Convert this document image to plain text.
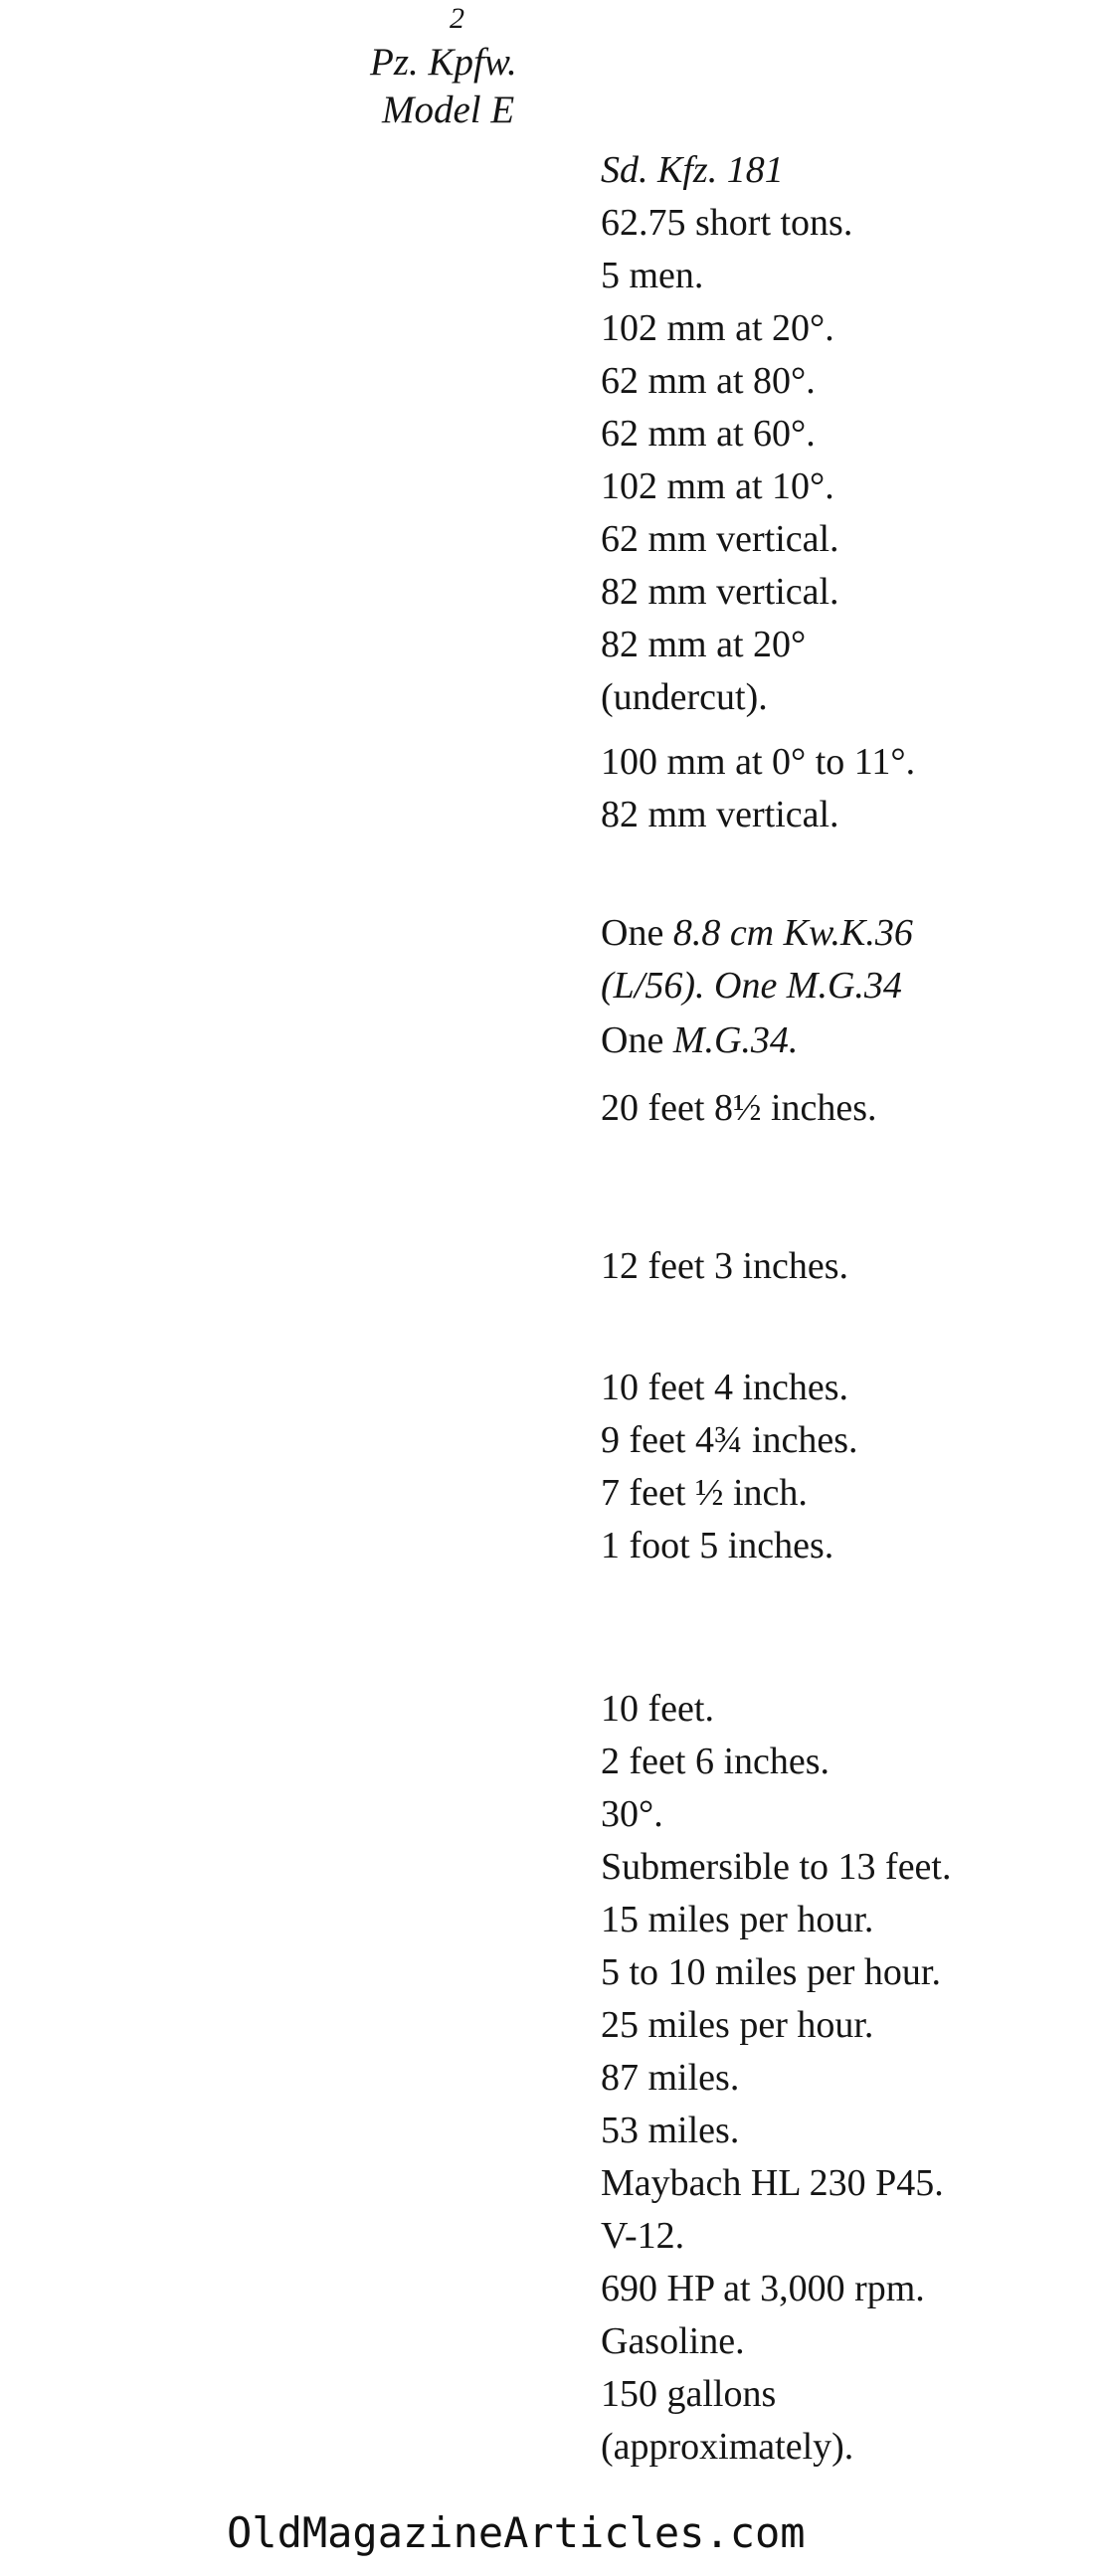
2
Pz. Kpfw.
Model E
Sd. Kfz. 181
62.75 short tons.
5 men.
102 mm at 20°.
62 mm at 80°.
62 mm at 60°.
102 mm at 10°.
62 mm vertical.
82 mm vertical.
82 mm at 20°
(undercut).
100 mm at 0° to 11°.
82 mm vertical.
One 8.8 cm Kw.K.36
(L/56). One M.G.34
One M.G.34.
20 feet 8½ inches.
12 feet 3 inches.
10 feet 4 inches.
9 feet 4¾ inches.
7 feet ½ inch.
1 foot 5 inches.
10 feet.
2 feet 6 inches.
30°.
Submersible to 13 feet.
15 miles per hour.
5 to 10 miles per hour.
25 miles per hour.
87 miles.
53 miles.
Maybach HL 230 P45.
V-12.
690 HP at 3,000 rpm.
Gasoline.
150 gallons
(approximately).
OldMagazineArticles.com
